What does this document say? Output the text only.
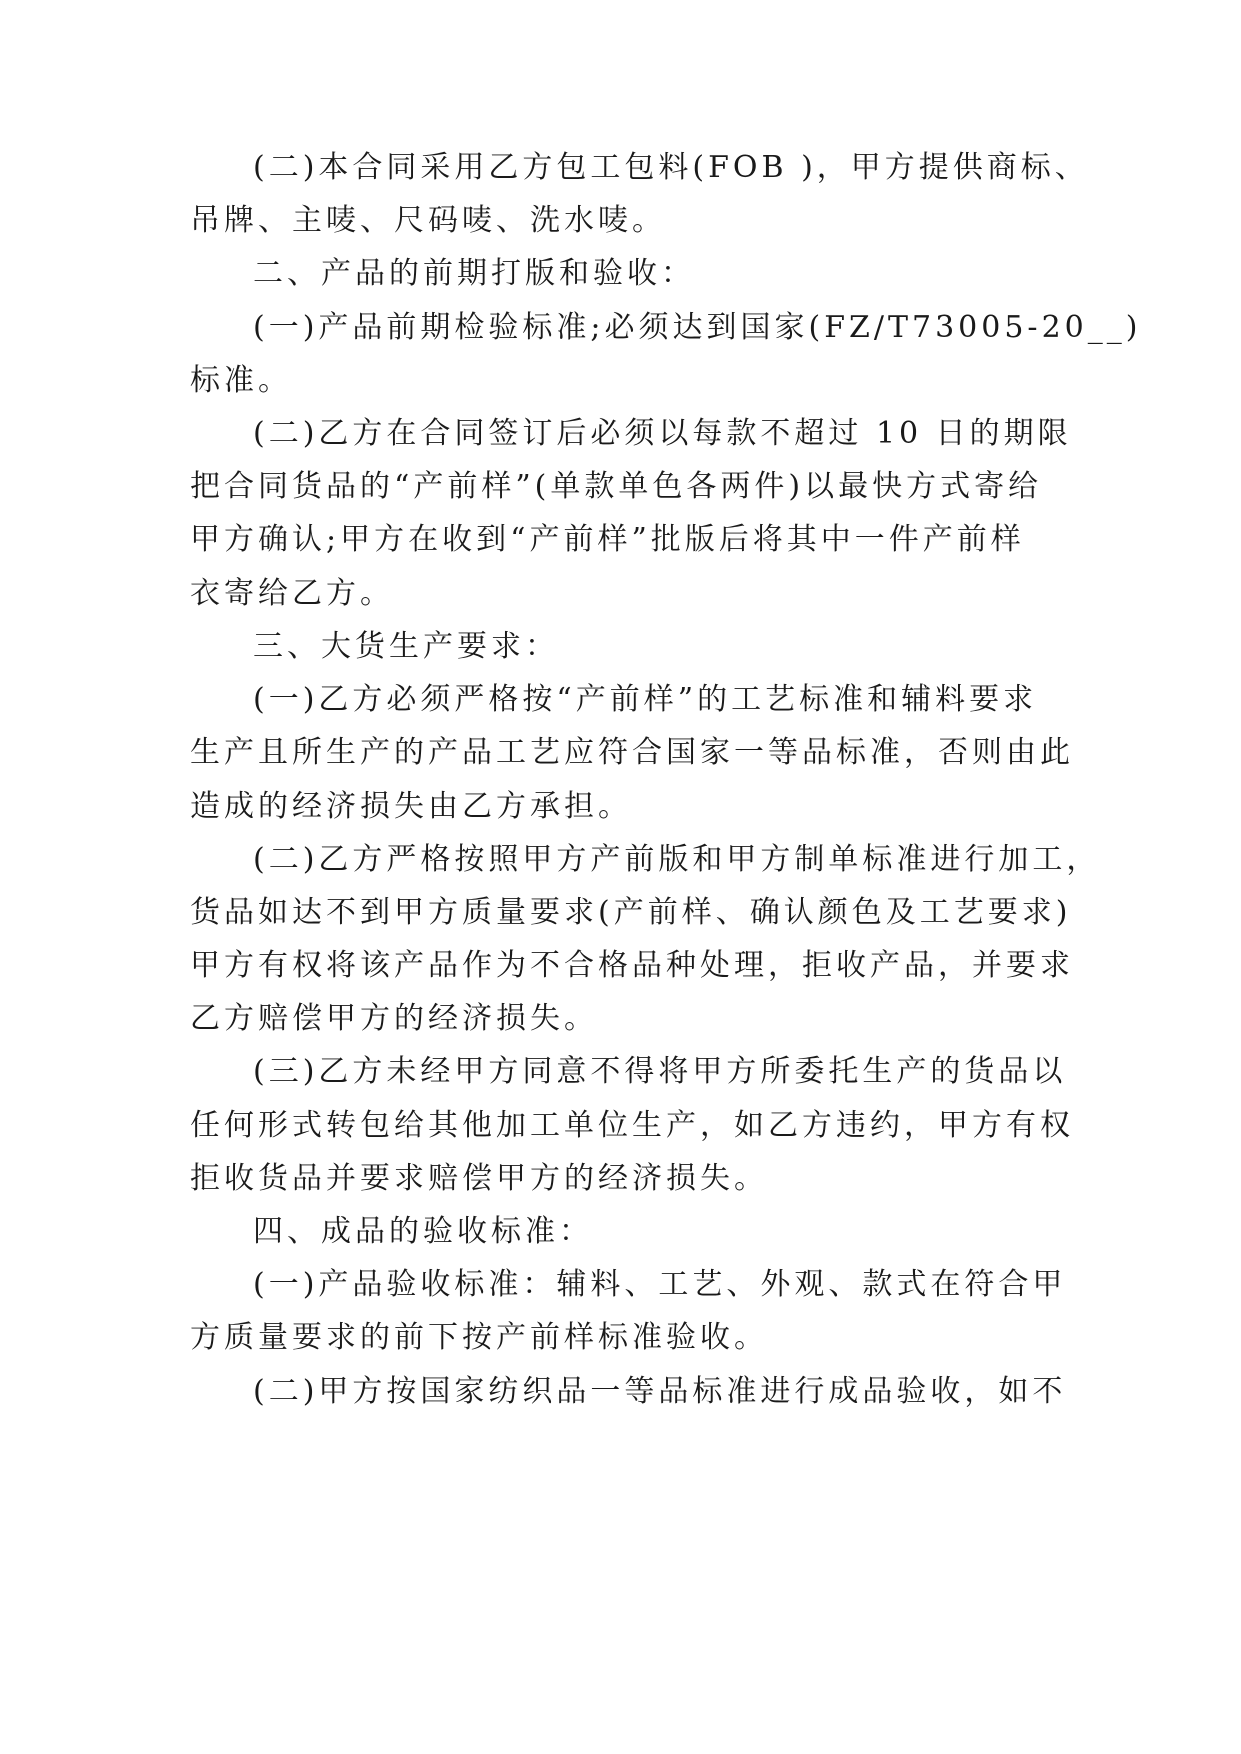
(二)本合同采用乙方包工包料(FOB )，甲方提供商标、
吊牌、主唛、尺码唛、洗水唛。
二、产品的前期打版和验收：
(一)产品前期检验标准;必须达到国家(FZ/T73005-20__)
标准。
(二)乙方在合同签订后必须以每款不超过 10 日的期限
把合同货品的“产前样”(单款单色各两件)以最快方式寄给
甲方确认;甲方在收到“产前样”批版后将其中一件产前样
衣寄给乙方。
三、大货生产要求：
(一)乙方必须严格按“产前样”的工艺标准和辅料要求
生产且所生产的产品工艺应符合国家一等品标准，否则由此
造成的经济损失由乙方承担。
(二)乙方严格按照甲方产前版和甲方制单标准进行加工，
货品如达不到甲方质量要求(产前样、确认颜色及工艺要求)
甲方有权将该产品作为不合格品种处理，拒收产品，并要求
乙方赔偿甲方的经济损失。
(三)乙方未经甲方同意不得将甲方所委托生产的货品以
任何形式转包给其他加工单位生产，如乙方违约，甲方有权
拒收货品并要求赔偿甲方的经济损失。
四、成品的验收标准：
(一)产品验收标准：辅料、工艺、外观、款式在符合甲
方质量要求的前下按产前样标准验收。
(二)甲方按国家纺织品一等品标准进行成品验收，如不
